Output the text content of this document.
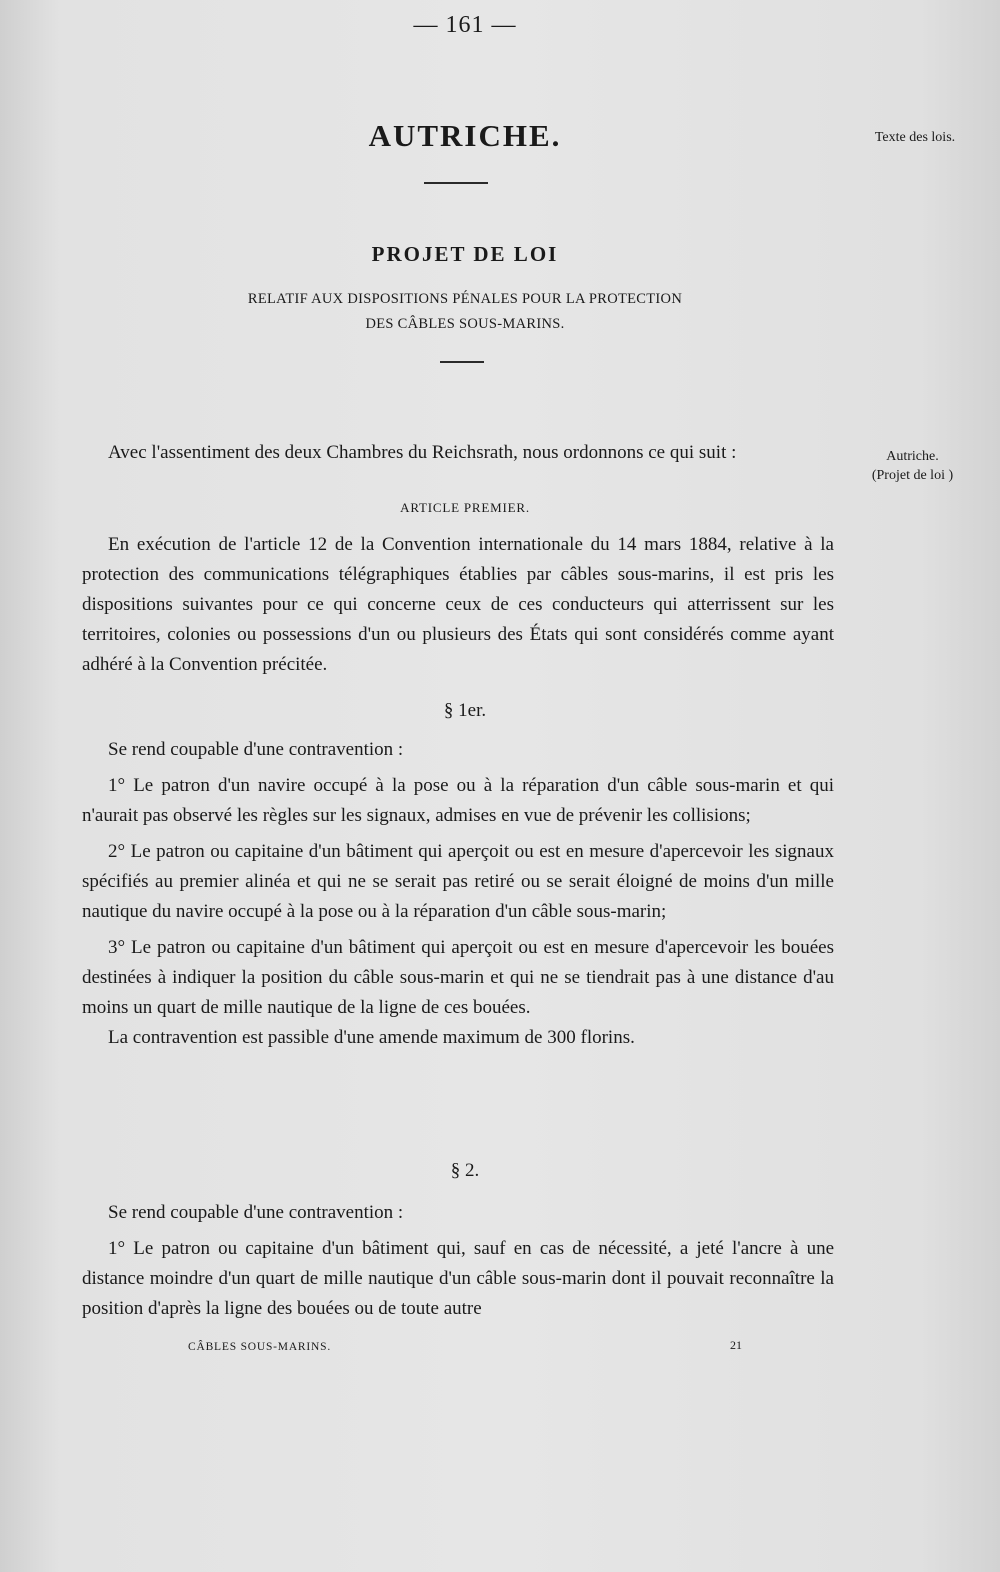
— 161 —
AUTRICHE.	Texte des lois.
PROJET DE LOI
RELATIF AUX DISPOSITIONS PÉNALES POUR LA PROTECTION
DES CÂBLES SOUS-MARINS.

Avec l'assentiment des deux Chambres du Reichsrath, nous ordonnons ce qui suit :	Autriche.
(Projet de loi )
ARTICLE PREMIER.

En exécution de l'article 12 de la Convention internationale du 14 mars 1884, relative à la protection des communications télégraphiques établies par câbles sous-marins, il est pris les dispositions suivantes pour ce qui concerne ceux de ces conducteurs qui atterrissent sur les territoires, colonies ou possessions d'un ou plusieurs des États qui sont considérés comme ayant adhéré à la Convention précitée.

§ 1er.

Se rend coupable d'une contravention :

1° Le patron d'un navire occupé à la pose ou à la réparation d'un câble sous-marin et qui n'aurait pas observé les règles sur les signaux, admises en vue de prévenir les collisions;

2° Le patron ou capitaine d'un bâtiment qui aperçoit ou est en mesure d'apercevoir les signaux spécifiés au premier alinéa et qui ne se serait pas retiré ou se serait éloigné de moins d'un mille nautique du navire occupé à la pose ou à la réparation d'un câble sous-marin;

3° Le patron ou capitaine d'un bâtiment qui aperçoit ou est en mesure d'apercevoir les bouées destinées à indiquer la position du câble sous-marin et qui ne se tiendrait pas à une distance d'au moins un quart de mille nautique de la ligne de ces bouées.

La contravention est passible d'une amende maximum de 300 florins.

§ 2.

Se rend coupable d'une contravention :

1° Le patron ou capitaine d'un bâtiment qui, sauf en cas de nécessité, a jeté l'ancre à une distance moindre d'un quart de mille nautique d'un câble sous-marin dont il pouvait reconnaître la position d'après la ligne des bouées ou de toute autre

CÂBLES SOUS-MARINS.	21
